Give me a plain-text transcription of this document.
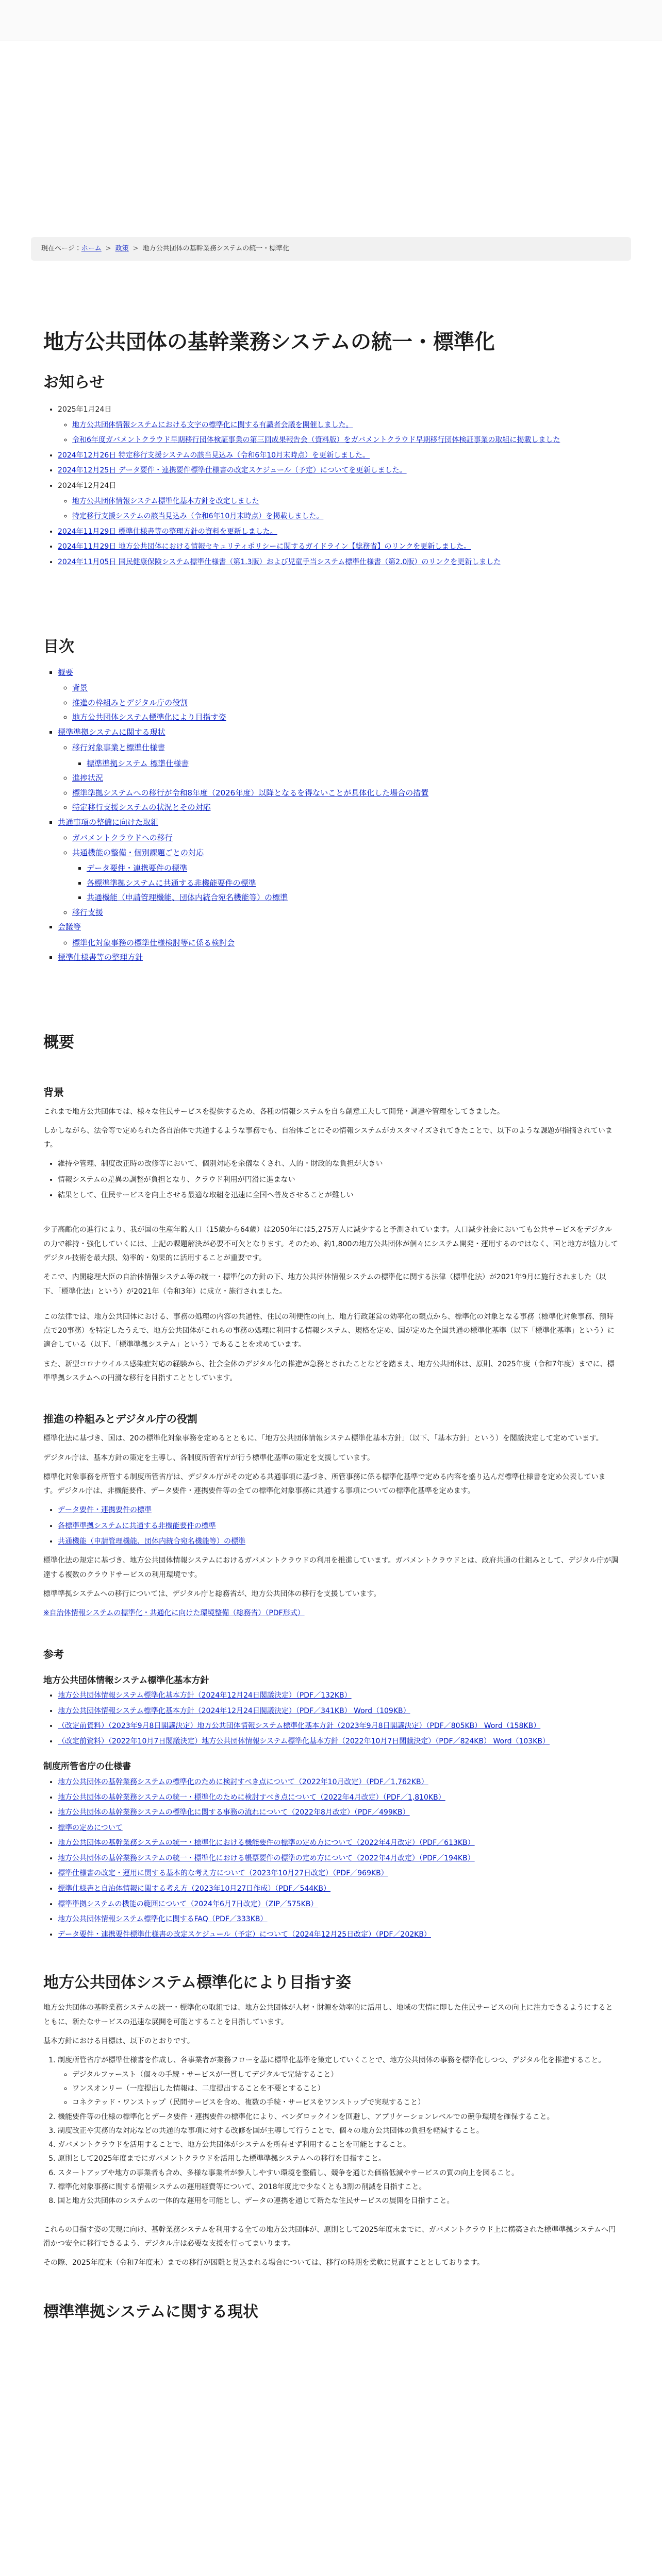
現在ページ： ホーム > 政策 > 地方公共団体の基幹業務システムの統一・標準化
地方公共団体の基幹業務システムの統一・標準化
お知らせ
• 2025年1月24日
◦ 地方公共団体情報システムにおける文字の標準化に関する有識者会議を開催しました。
◦ 令和6年度ガバメントクラウド早期移行団体検証事業の第三回成果報告会（資料版）をガバメントクラウド早期移行団体検証事業の取組に掲載しました
• 2024年12月26日 特定移行支援システムの該当見込み（令和6年10月末時点）を更新しました。
• 2024年12月25日 データ要件・連携要件標準仕様書の改定スケジュール（予定）についてを更新しました。
• 2024年12月24日
◦ 地方公共団体情報システム標準化基本方針を改定しました
◦ 特定移行支援システムの該当見込み（令和6年10月末時点）を掲載しました。
• 2024年11月29日 標準仕様書等の整理方針の資料を更新しました。
• 2024年11月29日 地方公共団体における情報セキュリティポリシーに関するガイドライン【総務省】のリンクを更新しました。
• 2024年11月05日 国民健康保険システム標準仕様書（第1.3版）および児童手当システム標準仕様書（第2.0版）のリンクを更新しました
目次
▪ 概要
◦ 背景
◦ 推進の枠組みとデジタル庁の役割
◦ 地方公共団体システム標準化により目指す姿
▪ 標準準拠システムに関する現状
◦ 移行対象事業と標準仕様書
▪ 標準準拠システム 標準仕様書
◦ 進捗状況
◦ 標準準拠システムへの移行が令和8年度（2026年度）以降となるを得ないことが具体化した場合の措置
◦ 特定移行支援システムの状況とその対応
▪ 共通事項の整備に向けた取組
◦ ガバメントクラウドへの移行
◦ 共通機能の整備・個別課題ごとの対応
▪ データ要件・連携要件の標準
▪ 各標準準拠システムに共通する非機能要件の標準
▪ 共通機能（申請管理機能、団体内統合宛名機能等）の標準
◦ 移行支援
▪ 会議等
◦ 標準化対象事務の標準仕様検討等に係る検討会
▪ 標準仕様書等の整理方針
概要
背景

これまで地方公共団体では、様々な住民サービスを提供するため、各種の情報システムを自ら創意工夫して開発・調達や管理をしてきました。

しかしながら、法令等で定められた各自治体で共通するような事務でも、自治体ごとにその情報システムがカスタマイズされてきたことで、以下のような課題が指摘されています。

• 維持や管理、制度改正時の改修等において、個別対応を余儀なくされ、人的・財政的な負担が大きい
• 情報システムの差異の調整が負担となり、クラウド利用が円滑に進まない
• 結果として、住民サービスを向上させる最適な取組を迅速に全国へ普及させることが難しい

少子高齢化の進行により、我が国の生産年齢人口（15歳から64歳）は2050年には5,275万人に減少すると予測されています。人口減少社会においても公共サービスをデジタルの力で維持・強化していくには、上記の課題解決が必要不可欠となります。そのため、約1,800の地方公共団体が個々にシステム開発・運用するのではなく、国と地方が協力してデジタル技術を最大限、効率的・効果的に活用することが重要です。

そこで、内閣総理大臣の自治体情報システム等の統一・標準化の方針の下、地方公共団体情報システムの標準化に関する法律（標準化法）が2021年9月に施行されました（以下、「標準化法」という）が2021年（令和3年）に成立・施行されました。

この法律では、地方公共団体における、事務の処理の内容の共通性、住民の利便性の向上、地方行政運営の効率化の観点から、標準化の対象となる事務（標準化対象事務、預時点で20事務）を特定したうえで、地方公共団体がこれらの事務の処理に利用する情報システム、規格を定め、国が定めた全国共通の標準化基準（以下「標準化基準」という）に適合している（以下、「標準準拠システム」という）であることを求めています。

また、新型コロナウイルス感染症対応の経験から、社会全体のデジタル化の推進が急務とされたことなどを踏まえ、地方公共団体は、原則、2025年度（令和7年度）までに、標準準拠システムへの円滑な移行を目指すこととしています。

推進の枠組みとデジタル庁の役割

標準化法に基づき、国は、20の標準化対象事務を定めるとともに、「地方公共団体情報システム標準化基本方針」（以下、「基本方針」という）を閣議決定して定めています。

デジタル庁は、基本方針の策定を主導し、各制度所管省庁が行う標準化基準の策定を支援しています。

標準化対象事務を所管する制度所管省庁は、デジタル庁がその定める共通事項に基づき、所管事務に係る標準化基準で定める内容を盛り込んだ標準仕様書を定め公表しています。デジタル庁は、非機能要件、データ要件・連携要件等の全ての標準化対象事務に共通する事項についての標準化基準を定めます。

• データ要件・連携要件の標準
• 各標準準拠システムに共通する非機能要件の標準
• 共通機能（申請管理機能、団体内統合宛名機能等）の標準

標準化法の規定に基づき、地方公共団体情報システムにおけるガバメントクラウドの利用を推進しています。ガバメントクラウドとは、政府共通の仕組みとして、デジタル庁が調達する複数のクラウドサービスの利用環境です。

標準準拠システムへの移行については、デジタル庁と総務省が、地方公共団体の移行を支援しています。

※自治体情報システムの標準化・共通化に向けた環境整備（総務省）（PDF形式）

参考
地方公共団体情報システム標準化基本方針
• 地方公共団体情報システム標準化基本方針（2024年12月24日閣議決定）（PDF／132KB）
• 地方公共団体情報システム標準化基本方針（2024年12月24日閣議決定）（PDF／341KB） Word（109KB）
• （改定前資料）（2023年9月8日閣議決定）地方公共団体情報システム標準化基本方針（2023年9月8日閣議決定）（PDF／805KB） Word（158KB）
• （改定前資料）（2022年10月7日閣議決定）地方公共団体情報システム標準化基本方針（2022年10月7日閣議決定）（PDF／824KB） Word（103KB）
制度所管省庁の仕様書
• 地方公共団体の基幹業務システムの標準化のために検討すべき点について（2022年10月改定）（PDF／1,762KB）
• 地方公共団体の基幹業務システムの統一・標準化のために検討すべき点について（2022年4月改定）（PDF／1,810KB）
• 地方公共団体の基幹業務システムの標準化に関する事務の流れについて（2022年8月改定）（PDF／499KB）
• 標準の定めについて
• 地方公共団体の基幹業務システムの統一・標準化における機能要件の標準の定め方について（2022年4月改定）（PDF／613KB）
• 地方公共団体の基幹業務システムの統一・標準化における帳票要件の標準の定め方について（2022年4月改定）（PDF／194KB）
• 標準仕様書の改定・運用に関する基本的な考え方について（2023年10月27日改定）（PDF／969KB）
• 標準仕様書と自治体情報に関する考え方（2023年10月27日作成）（PDF／544KB）
• 標準準拠システムの機能の範囲について（2024年6月7日改定）（ZIP／575KB）
• 地方公共団体情報システム標準化に関するFAQ（PDF／333KB）
• データ要件・連携要件標準仕様書の改定スケジュール（予定）について（2024年12月25日改定）（PDF／202KB）
地方公共団体システム標準化により目指す姿

地方公共団体の基幹業務システムの統一・標準化の取組では、地方公共団体が人材・財源を効率的に活用し、地域の実情に即した住民サービスの向上に注力できるようにするとともに、新たなサービスの迅速な展開を可能とすることを目指しています。

基本方針における目標は、以下のとおりです。

1. 制度所管省庁が標準仕様書を作成し、各事業者が業務フローを基に標準化基準を策定していくことで、地方公共団体の事務を標準化しつつ、デジタル化を推進すること。
◦ デジタルファースト（個々の手続・サービスが一貫してデジタルで完結すること）
◦ ワンスオンリー（一度提出した情報は、二度提出することを不要とすること）
◦ コネクテッド・ワンストップ（民間サービスを含め、複数の手続・サービスをワンストップで実現すること）
2. 機能要件等の仕様の標準化とデータ要件・連携要件の標準化により、ベンダロックインを回避し、アプリケーションレベルでの競争環境を確保すること。
3. 制度改正や実務的な対応などの共通的な事項に対する改修を国が主導して行うことで、個々の地方公共団体の負担を軽減すること。
4. ガバメントクラウドを活用することで、地方公共団体がシステムを所有せず利用することを可能とすること。
5. 原則として2025年度までにガバメントクラウドを活用した標準準拠システムへの移行を目指すこと。
6. スタートアップや地方の事業者も含め、多様な事業者が参入しやすい環境を整備し、競争を通じた価格低減やサービスの質の向上を図ること。
7. 標準化対象事務に関する情報システムの運用経費等について、2018年度比で少なくとも3割の削減を目指すこと。
8. 国と地方公共団体のシステムの一体的な運用を可能とし、データの連携を通じて新たな住民サービスの展開を目指すこと。

これらの目指す姿の実現に向け、基幹業務システムを利用する全ての地方公共団体が、原則として2025年度末までに、ガバメントクラウド上に構築された標準準拠システムへ円滑かつ安全に移行できるよう、デジタル庁は必要な支援を行ってまいります。

その際、2025年度末（令和7年度末）までの移行が困難と見込まれる場合については、移行の時期を柔軟に見直すこととしております。

標準準拠システムに関する現状
